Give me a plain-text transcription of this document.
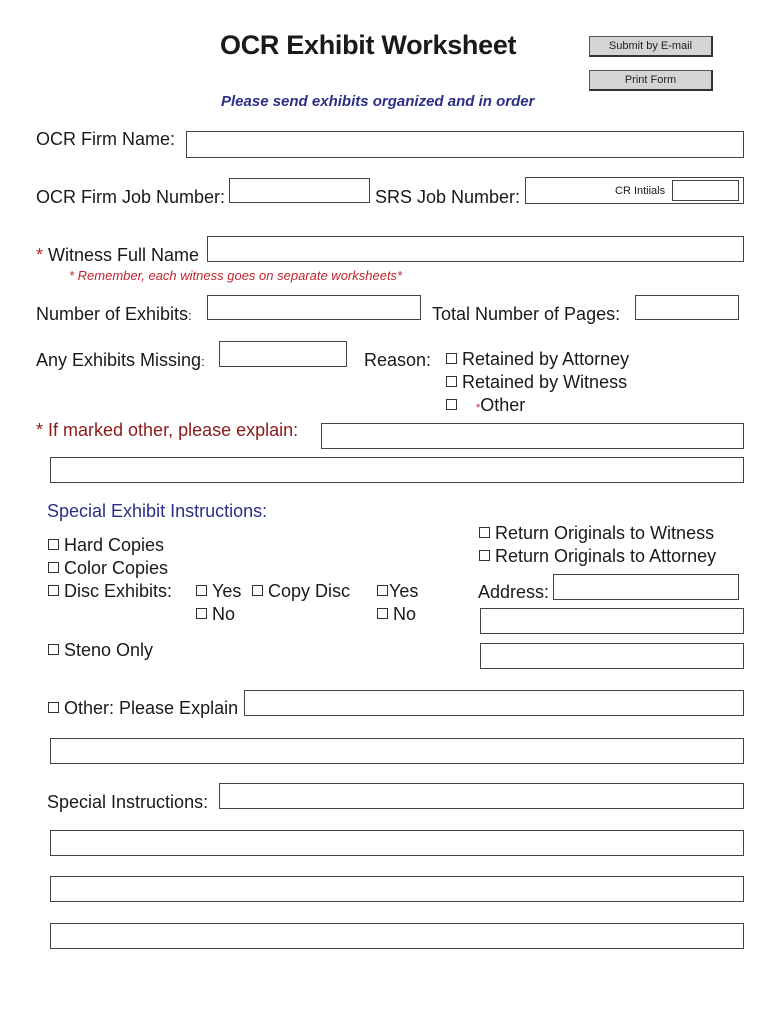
OCR Exhibit Worksheet	Submit by E-mail
Print Form
Please send exhibits organized and in order
OCR Firm Name:
OCR Firm Job Number:	SRS Job Number:	CR Intiials
* Witness Full Name
* Remember, each witness goes on separate worksheets*
Number of Exhibits:	Total Number of Pages:
Any Exhibits Missing:	Reason:	Retained by Attorney
Retained by Witness
*Other
* If marked other, please explain:
Special Exhibit Instructions:
Hard Copies
Color Copies
Disc Exhibits:	Yes
No
Copy Disc	Yes
No
Return Originals to Witness
Return Originals to Attorney
Address:
Steno Only
Other: Please Explain
Special Instructions:
